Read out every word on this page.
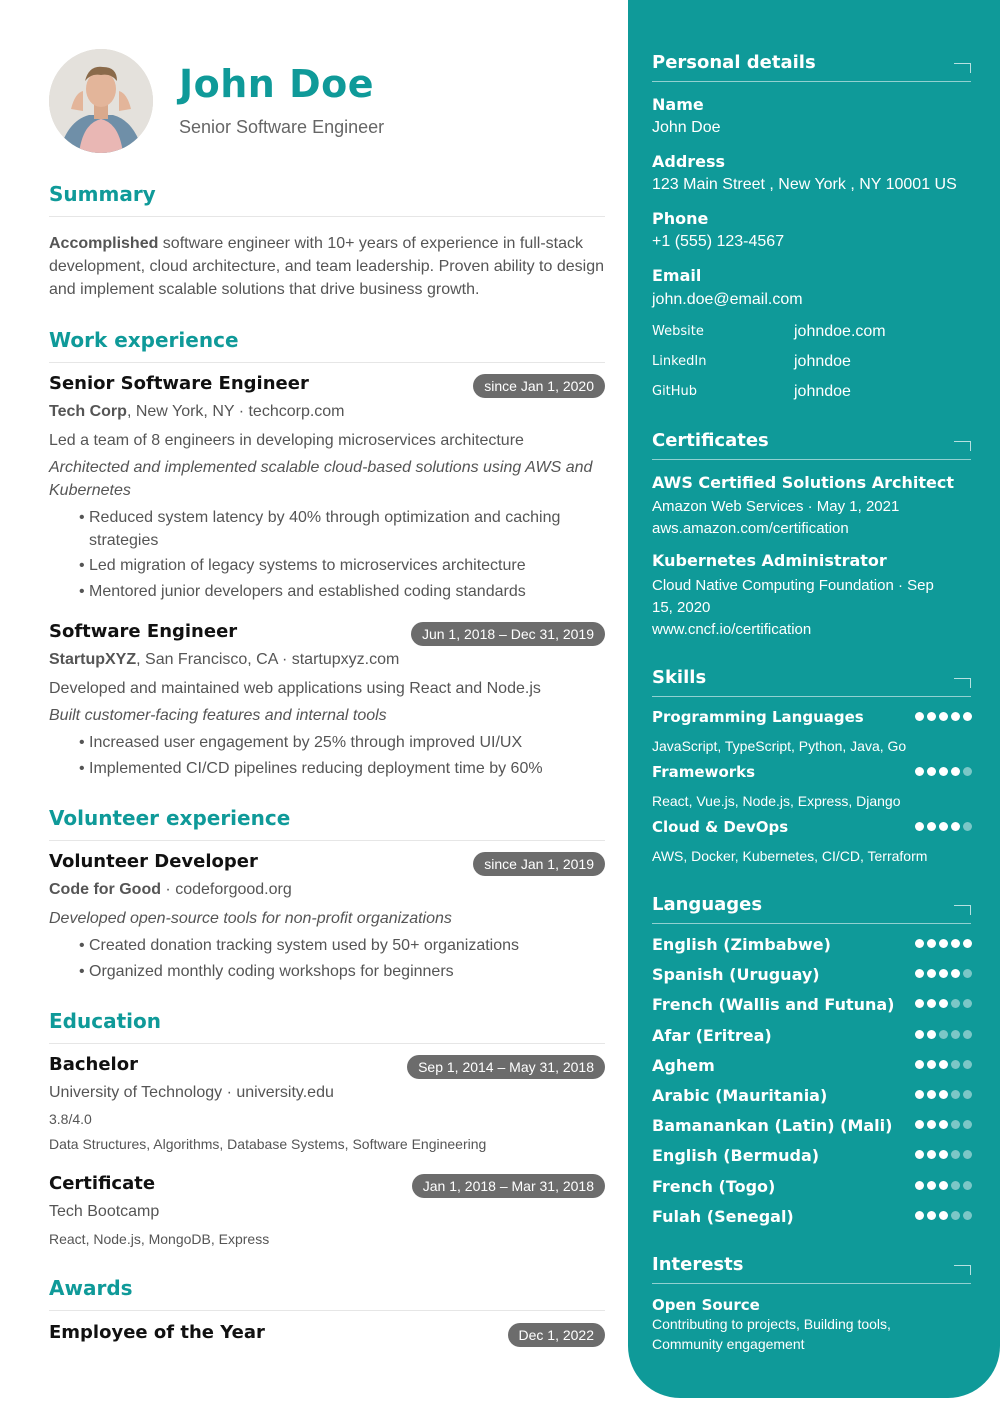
John Doe
Senior Software Engineer
Summary
Accomplished software engineer with 10+ years of experience in full-stack
development, cloud architecture, and team leadership. Proven ability to design
and implement scalable solutions that drive business growth.
Work experience
Senior Software Engineer	since Jan 1, 2020
Tech Corp, New York, NY · techcorp.com
Led a team of 8 engineers in developing microservices architecture
Architected and implemented scalable cloud-based solutions using AWS and
Kubernetes
• Reduced system latency by 40% through optimization and caching
strategies
• Led migration of legacy systems to microservices architecture
• Mentored junior developers and established coding standards
Software Engineer	Jun 1, 2018 – Dec 31, 2019
StartupXYZ, San Francisco, CA · startupxyz.com
Developed and maintained web applications using React and Node.js
Built customer-facing features and internal tools
• Increased user engagement by 25% through improved UI/UX
• Implemented CI/CD pipelines reducing deployment time by 60%
Volunteer experience
Volunteer Developer	since Jan 1, 2019
Code for Good · codeforgood.org
Developed open-source tools for non-profit organizations
• Created donation tracking system used by 50+ organizations
• Organized monthly coding workshops for beginners
Education
Bachelor	Sep 1, 2014 – May 31, 2018
University of Technology · university.edu
3.8/4.0
Data Structures, Algorithms, Database Systems, Software Engineering
Certificate	Jan 1, 2018 – Mar 31, 2018
Tech Bootcamp
React, Node.js, MongoDB, Express
Awards
Employee of the Year	Dec 1, 2022
Personal details
Name
John Doe
Address
123 Main Street , New York , NY 10001 US
Phone
+1 (555) 123-4567
Email
john.doe@email.com
Website	johndoe.com
LinkedIn	johndoe
GitHub	johndoe
Certificates
AWS Certified Solutions Architect
Amazon Web Services · May 1, 2021
aws.amazon.com/certification
Kubernetes Administrator
Cloud Native Computing Foundation · Sep
15, 2020
www.cncf.io/certification
Skills
Programming Languages
JavaScript, TypeScript, Python, Java, Go
Frameworks
React, Vue.js, Node.js, Express, Django
Cloud & DevOps
AWS, Docker, Kubernetes, CI/CD, Terraform
Languages
English (Zimbabwe)
Spanish (Uruguay)
French (Wallis and Futuna)
Afar (Eritrea)
Aghem
Arabic (Mauritania)
Bamanankan (Latin) (Mali)
English (Bermuda)
French (Togo)
Fulah (Senegal)
Interests
Open Source
Contributing to projects, Building tools,
Community engagement
